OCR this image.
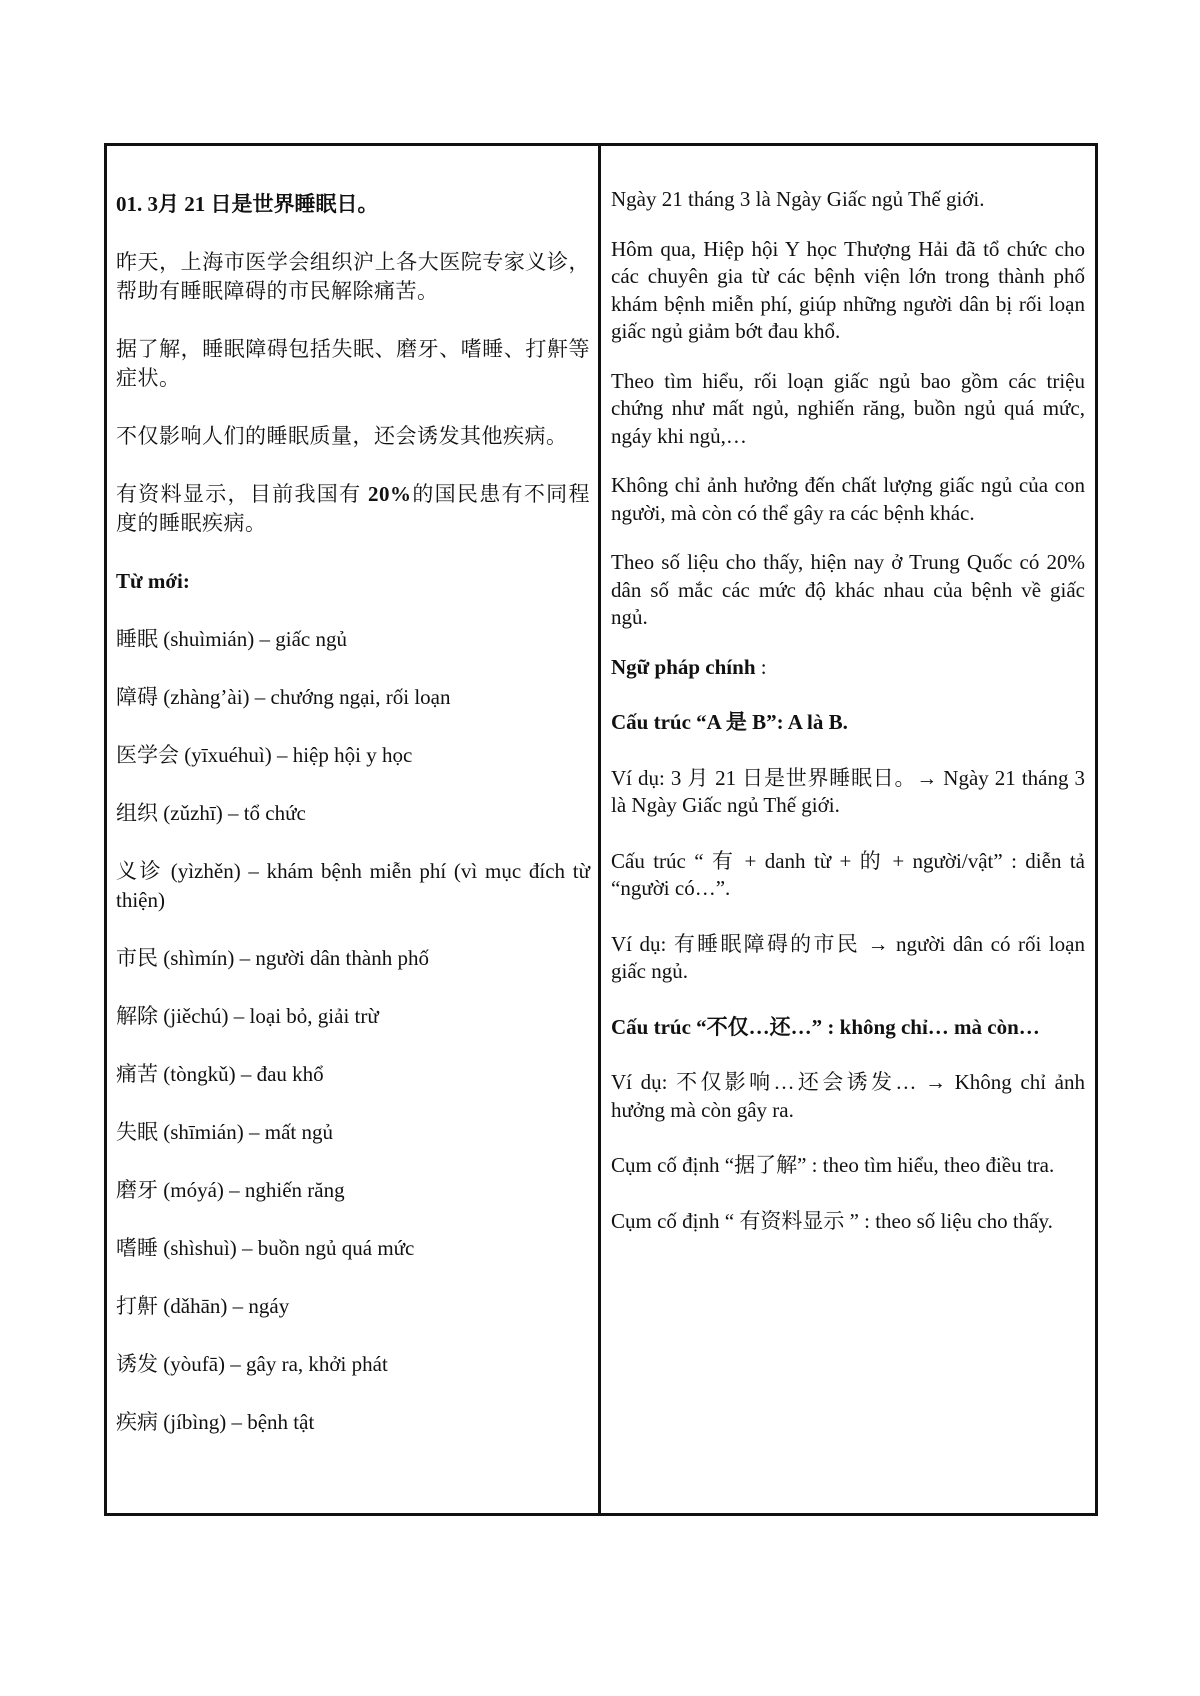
01. 3月 21 日是世界睡眠日。

昨天，上海市医学会组织沪上各大医院专家义诊，帮助有睡眠障碍的市民解除痛苦。

据了解，睡眠障碍包括失眠、磨牙、嗜睡、打鼾等症状。

不仅影响人们的睡眠质量，还会诱发其他疾病。

有资料显示，目前我国有 20%的国民患有不同程度的睡眠疾病。

Từ mới:

睡眠 (shuìmián) – giấc ngủ

障碍 (zhàng’ài) – chướng ngại, rối loạn

医学会 (yīxuéhuì) – hiệp hội y học

组织 (zǔzhī) – tổ chức

义诊 (yìzhěn) – khám bệnh miễn phí (vì mục đích từ thiện)

市民 (shìmín) – người dân thành phố

解除 (jiěchú) – loại bỏ, giải trừ

痛苦 (tòngkǔ) – đau khổ

失眠 (shīmián) – mất ngủ

磨牙 (móyá) – nghiến răng

嗜睡 (shìshuì) – buồn ngủ quá mức

打鼾 (dǎhān) – ngáy

诱发 (yòufā) – gây ra, khởi phát

疾病 (jíbìng) – bệnh tật

Ngày 21 tháng 3 là Ngày Giấc ngủ Thế giới.

Hôm qua, Hiệp hội Y học Thượng Hải đã tổ chức cho các chuyên gia từ các bệnh viện lớn trong thành phố khám bệnh miễn phí, giúp những người dân bị rối loạn giấc ngủ giảm bớt đau khổ.

Theo tìm hiểu, rối loạn giấc ngủ bao gồm các triệu chứng như mất ngủ, nghiến răng, buồn ngủ quá mức, ngáy khi ngủ,…

Không chỉ ảnh hưởng đến chất lượng giấc ngủ của con người, mà còn có thể gây ra các bệnh khác.

Theo số liệu cho thấy, hiện nay ở Trung Quốc có 20% dân số mắc các mức độ khác nhau của bệnh về giấc ngủ.

Ngữ pháp chính :

Cấu trúc “A 是 B”: A là B.

Ví dụ: 3 月 21 日是世界睡眠日。→ Ngày 21 tháng 3 là Ngày Giấc ngủ Thế giới.

Cấu trúc “ 有 + danh từ + 的 + người/vật” : diễn tả “người có…”.

Ví dụ: 有睡眠障碍的市民 → người dân có rối loạn giấc ngủ.

Cấu trúc “不仅…还…” : không chỉ… mà còn…

Ví dụ: 不仅影响…还会诱发… → Không chỉ ảnh hưởng mà còn gây ra.

Cụm cố định “据了解” : theo tìm hiểu, theo điều tra.

Cụm cố định “ 有资料显示 ” : theo số liệu cho thấy.
